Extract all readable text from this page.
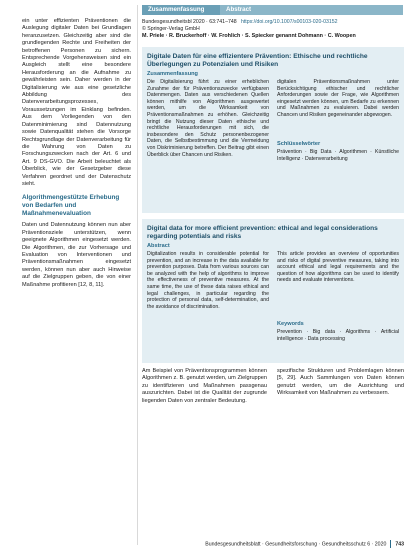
ein unter effizienten Präventionen die Auslegung digitaler Daten bei Grundlagen heranzusetzen. Gleichzeitig aber sind die grundlegenden Rechte und Freiheiten der betroffenen Personen zu sichern. Entsprechende Vorgehensweisen sind ein Ausgleich stellt eine besondere Herausforderung an die Aufnahme zu gewährleisten sein. Daher werden in der Digitalisierung wie aus eine gesetzliche Abbildung des Datenverarbeitungsprozesses, Voraussetzungen im Einklang befinden. Aus dem Vorliegenden von den Datenminimierung sind Datennutzung sowie Datenqualität stehen die Vorsorge Rechtsgrundlage der Datenverarbeitung für die Wahrung von Daten zu Forschungszwecken nach der Art. 6 und Art. 9 DS-GVO. Die Arbeit beleuchtet als Überblick, wie der Gesetzgeber diese Verfahren geordnet und der Datenschutz sieht.

Algorithmengestützte Erhebung von Bedarfen und Maßnahmenevaluation

Daten und Datennutzung können nun aber Präventionsziele unterstützen, wenn geeignete Algorithmen eingesetzt werden. Die Algorithmen, die zur Vorhersage und Evaluation von Interventionen und Präventionsmaßnahmen eingesetzt werden, können nun aber auch Hinweise auf die Zielgruppen geben, die von einer Maßnahme profitieren [12, 8, 11].

Zusammenfassung	Abstract
Bundesgesundheitsbl 2020 · 63:741–748 https://doi.org/10.1007/s00103-020-03152
© Springer-Verlag GmbH
M. Priele · R. Bruckerhoff · W. Frohlich · S. Spiecker genannt Dohmann · C. Woopen
Digitale Daten für eine effizientere Prävention: Ethische und rechtliche Überlegungen zu Potenzialen und Risiken
Zusammenfassung
Die Digitalisierung führt zu einer erheblichen Zunahme der für Präventionszwecke verfügbaren Datenmengen. Daten aus verschiedenen Quellen können mithilfe von Algorithmen ausgewertet werden, um die Wirksamkeit von Präventionsmaßnahmen zu erhöhen. Gleichzeitig bringt die Nutzung dieser Daten ethische und rechtliche Herausforderungen mit sich, die insbesondere den Schutz personenbezogener Daten, die Selbstbestimmung und die Vermeidung von Diskriminierung betreffen. Der Beitrag gibt einen Überblick über Chancen und Risiken.
digitalen Präventionsmaßnahmen unter Berücksichtigung ethischer und rechtlicher Anforderungen sowie der Frage, wie Algorithmen eingesetzt werden können, um Bedarfe zu erkennen und Maßnahmen zu evaluieren. Dabei werden Chancen und Risiken gegeneinander abgewogen.
Schlüsselwörter
Prävention · Big Data · Algorithmen · Künstliche Intelligenz · Datenverarbeitung
Digital data for more efficient prevention: ethical and legal considerations regarding potentials and risks
Abstract
Digitalization results in considerable potential for prevention, and an increase in the data available for prevention purposes. Data from various sources can be analyzed with the help of algorithms to improve the effectiveness of preventive measures. At the same time, the use of these data raises ethical and legal challenges, in particular regarding the protection of personal data, self-determination, and the avoidance of discrimination.
This article provides an overview of opportunities and risks of digital preventive measures, taking into account ethical and legal requirements and the question of how algorithms can be used to identify needs and evaluate interventions.
Keywords
Prevention · Big data · Algorithms · Artificial intelligence · Data processing
Am Beispiel von Präventionsprogrammen können Algorithmen z. B. genutzt werden, um Zielgruppen zu identifizieren und Maßnahmen passgenau auszurichten. Dabei ist die Qualität der zugrunde liegenden Daten von zentraler Bedeutung.
spezifische Strukturen und Problemlagen können [5, 29]. Auch Sammlungen von Daten können genutzt werden, um die Ausrichtung und Wirksamkeit von Maßnahmen zu verbessern.
Bundesgesundheitsblatt · Gesundheitsforschung · Gesundheitsschutz 6 · 2020 743
